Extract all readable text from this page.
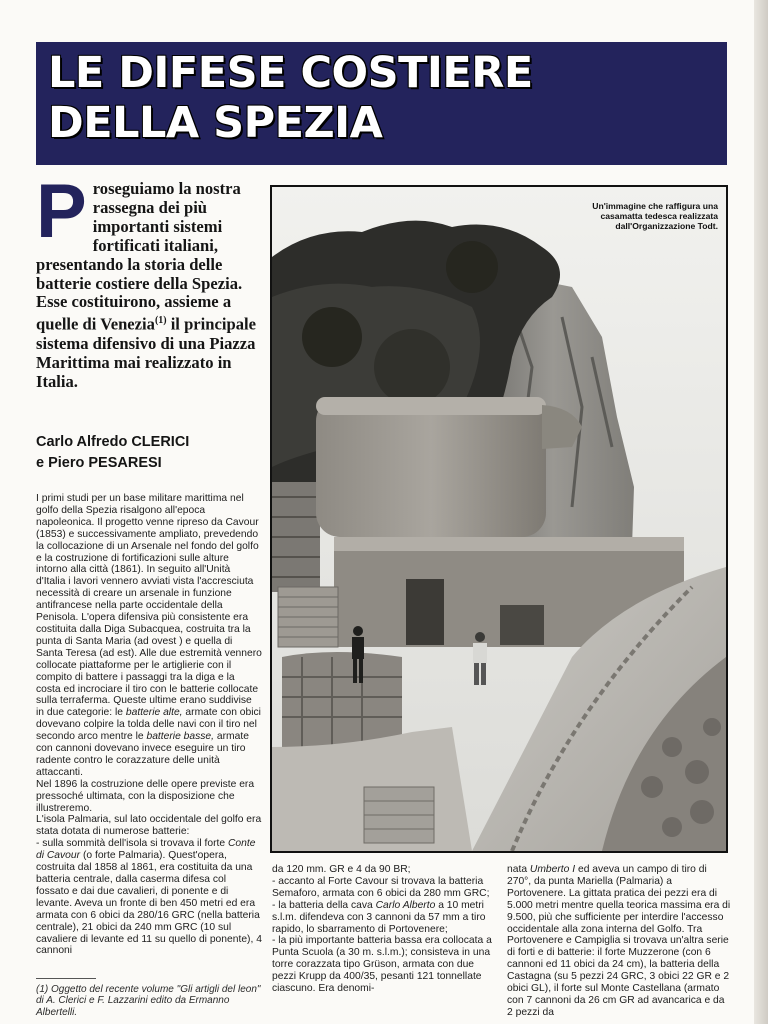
LE DIFESE COSTIERE
DELLA SPEZIA
Proseguiamo la nostra rassegna dei più importanti sistemi fortificati italiani, presentando la storia delle batterie costiere della Spezia. Esse costituirono, assieme a quelle di Venezia$^{(1)}$ il principale sistema difensivo di una Piazza Marittima mai realizzato in Italia.
Carlo Alfredo CLERICI
e Piero PESARESI

I primi studi per un base militare marittima nel golfo della Spezia risalgono all'epoca napoleonica. Il progetto venne ripreso da Cavour (1853) e successivamente ampliato, prevedendo la collocazione di un Arsenale nel fondo del golfo e la costruzione di fortificazioni sulle alture intorno alla città (1861). In seguito all'Unità d'Italia i lavori vennero avviati vista l'accresciuta necessità di creare un arsenale in funzione antifrancese nella parte occidentale della Penisola. L'opera difensiva più consistente era costituita dalla Diga Subacquea, costruita tra la punta di Santa Maria (ad ovest ) e quella di Santa Teresa (ad est). Alle due estremità vennero collocate piattaforme per le artiglierie con il compito di battere i passaggi tra la diga e la costa ed incrociare il tiro con le batterie collocate sulla terraferma. Queste ultime erano suddivise in due categorie: le batterie alte, armate con obici dovevano colpire la tolda delle navi con il tiro nel secondo arco mentre le batterie basse, armate con cannoni dovevano invece eseguire un tiro radente contro le corazzature delle unità attaccanti.

Nel 1896 la costruzione delle opere previste era pressoché ultimata, con la disposizione che illustreremo.

L'isola Palmaria, sul lato occidentale del golfo era stata dotata di numerose batterie:

- sulla sommità dell'isola si trovava il forte Conte di Cavour (o forte Palmaria). Quest'opera, costruita dal 1858 al 1861, era costituita da una batteria centrale, dalla caserma difesa col fossato e dai due cavalieri, di ponente e di levante. Aveva un fronte di ben 450 metri ed era armata con 6 obici da 280/16 GRC (nella batteria centrale), 21 obici da 240 mm GRC (10 sul cavaliere di levante ed 11 su quello di ponente), 4 cannoni

(1) Oggetto del recente volume "Gli artigli del leon" di A. Clerici e F. Lazzarini edito da Ermanno Albertelli.
Un'immagine che raffigura una casamatta tedesca realizzata dall'Organizzazione Todt.

da 120 mm. GR e 4 da 90 BR;

- accanto al Forte Cavour si trovava la batteria Semaforo, armata con 6 obici da 280 mm GRC;

- la batteria della cava Carlo Alberto a 10 metri s.l.m. difendeva con 3 cannoni da 57 mm a tiro rapido, lo sbarramento di Portovenere;

- la più importante batteria bassa era collocata a Punta Scuola (a 30 m. s.l.m.); consisteva in una torre corazzata tipo Grüson, armata con due pezzi Krupp da 400/35, pesanti 121 tonnellate ciascuno. Era denomi-

nata Umberto I ed aveva un campo di tiro di 270°, da punta Mariella (Palmaria) a Portovenere. La gittata pratica dei pezzi era di 5.000 metri mentre quella teorica massima era di 9.500, più che sufficiente per interdire l'accesso occidentale alla zona interna del Golfo. Tra Portovenere e Campiglia si trovava un'altra serie di forti e di batterie: il forte Muzzerone (con 6 cannoni ed 11 obici da 24 cm), la batteria della Castagna (su 5 pezzi 24 GRC, 3 obici 22 GR e 2 obici GL), il forte sul Monte Castellana (armato con 7 cannoni da 26 cm GR ad avancarica e da 2 pezzi da
